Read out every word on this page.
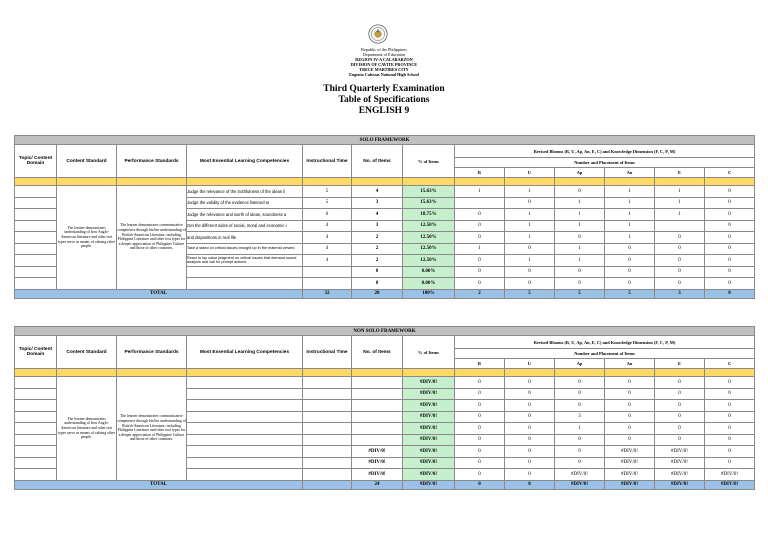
Republic of the Philippines
Department of Education
REGION IV-A CALABARZON
DIVISION OF CAVITE PROVINCE
TRECE MARTIRES CITY
Eugenio Cabezas National High School
Third Quarterly Examination
Table of Specifications
ENGLISH 9
SOLO FRAMEWORK												
Topic/ Content Domain	Content Standard	Performance Standards	Most Essential Learning Competencies	Instructional Time	No. of Items	% of Items	Revised Blooms (R, U, Ap, An, E, C) and Knowledge Dimension (F, C, P, M)					
							Number and Placement of Items					
							R	U	Ap	An	E	C

	The learner demonstrates understanding of how Anglo-American literature and other text types serve as means of valuing other people.	The learner demonstrates communicative competence through his/her understanding of British-American Literature, including Philippine Literature and other text types for a deeper appreciation of Philippine Culture and those of other countries.	Judge the relevance of the truthfulness of the ideas li	5	4	15.63%	1	1	0	1	1	0
			Judge the validity of the evidence listened to	5	3	15.63%		0	1	1	1	0
			Judge the relevance and worth of ideas, soundness a	6	4	18.75%	0	1	1	1	1	0
			Get the different sides of social, moral and economic i	4	3	12.50%	0	1	1	1		0
			and dispositions in real life	4	2	12.50%	0	1	0	1	0	0
			Take a stand on critical issues brought up in the material viewed	4	2	12.50%	1	0	1	0	0	0
			React to lay value judgment on critical issues that demand sound analysis and call for prompt actions	4	2	12.50%	0	1	1	0	0	0
					0	0.00%	0	0	0	0	0	0
					0	0.00%	0	0	0	0	0	0
TOTAL				32	20	100%	2	5	5	5	3	0
NON SOLO FRAMEWORK												
Topic/ Content Domain	Content Standard	Performance Standards	Most Essential Learning Competencies	Instructional Time	No. of Items	% of Items	Revised Blooms (R, U, Ap, An, E, C) and Knowledge Dimension (F, C, P, M)					
							Number and Placement of Items					
							R	U	Ap	An	E	C

	The learner demonstrates understanding of how Anglo-American literature and other text types serve as means of valuing other people.	The learner demonstrates communicative competence through his/her understanding of British-American Literature, including Philippine Literature and other text types for a deeper appreciation of Philippine Culture and those of other countries.				#DIV/0!	0	0	0	0	0	0
						#DIV/0!	0	0	0	0	0	0
						#DIV/0!	0	0	0	0	0	0
						#DIV/0!	0	0	3	0	0	0
						#DIV/0!	0	0	1	0	0	0
						#DIV/0!	0	0	0	0	0	0
					#DIV/0!	#DIV/0!	0	0	0	#DIV/0!	#DIV/0!	0
					#DIV/0!	#DIV/0!	0	0	0	#DIV/0!	#DIV/0!	0
					#DIV/0!	#DIV/0!	0	0	#DIV/0!	#DIV/0!	#DIV/0!	#DIV/0!
TOTAL					24	#DIV/0!	0	0	#DIV/0!	#DIV/0!	#DIV/0!	#DIV/0!
